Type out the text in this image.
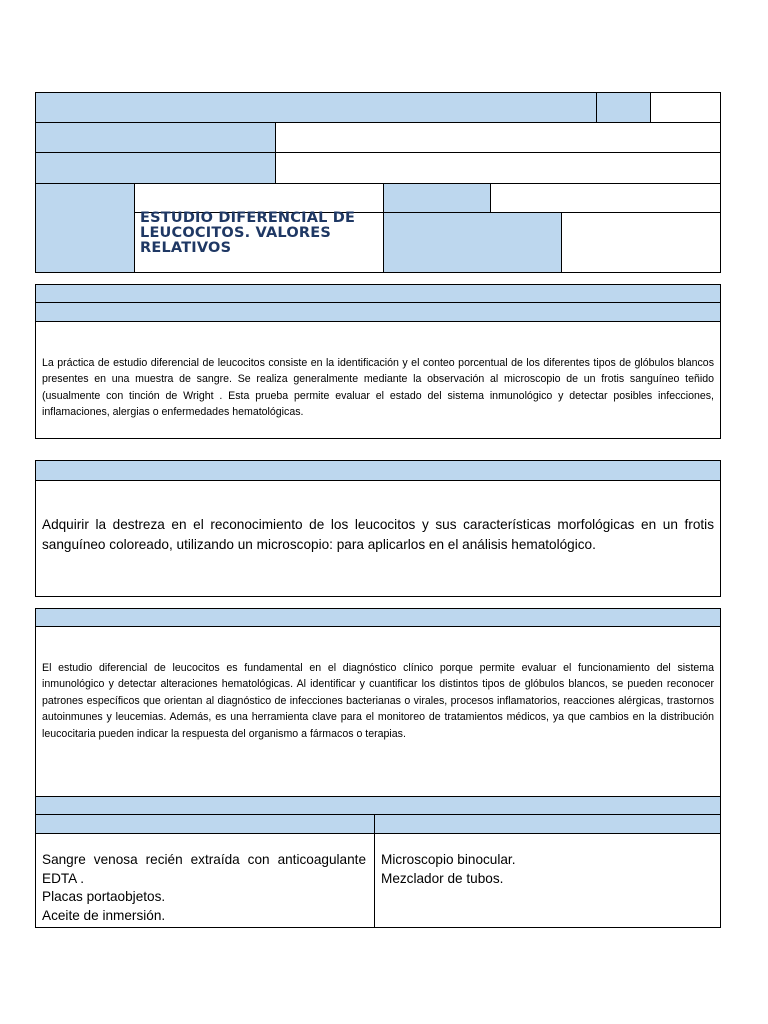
ESTUDIO DIFERENCIAL DE LEUCOCITOS. VALORES RELATIVOS
La práctica de estudio diferencial de leucocitos consiste en la identificación y el conteo porcentual de los diferentes tipos de glóbulos blancos presentes en una muestra de sangre. Se realiza generalmente mediante la observación al microscopio de un frotis sanguíneo teñido (usualmente con tinción de Wright . Esta prueba permite evaluar el estado del sistema inmunológico y detectar posibles infecciones, inflamaciones, alergias o enfermedades hematológicas.
Adquirir la destreza en el reconocimiento de los leucocitos y sus características morfológicas en un frotis sanguíneo coloreado, utilizando un microscopio: para aplicarlos en el análisis hematológico.
El estudio diferencial de leucocitos es fundamental en el diagnóstico clínico porque permite evaluar el funcionamiento del sistema inmunológico y detectar alteraciones hematológicas. Al identificar y cuantificar los distintos tipos de glóbulos blancos, se pueden reconocer patrones específicos que orientan al diagnóstico de infecciones bacterianas o virales, procesos inflamatorios, reacciones alérgicas, trastornos autoinmunes y leucemias. Además, es una herramienta clave para el monitoreo de tratamientos médicos, ya que cambios en la distribución leucocitaria pueden indicar la respuesta del organismo a fármacos o terapias.
Sangre venosa recién extraída con anticoagulante
EDTA .
Placas portaobjetos.
Aceite de inmersión.
Microscopio binocular.
Mezclador de tubos.
